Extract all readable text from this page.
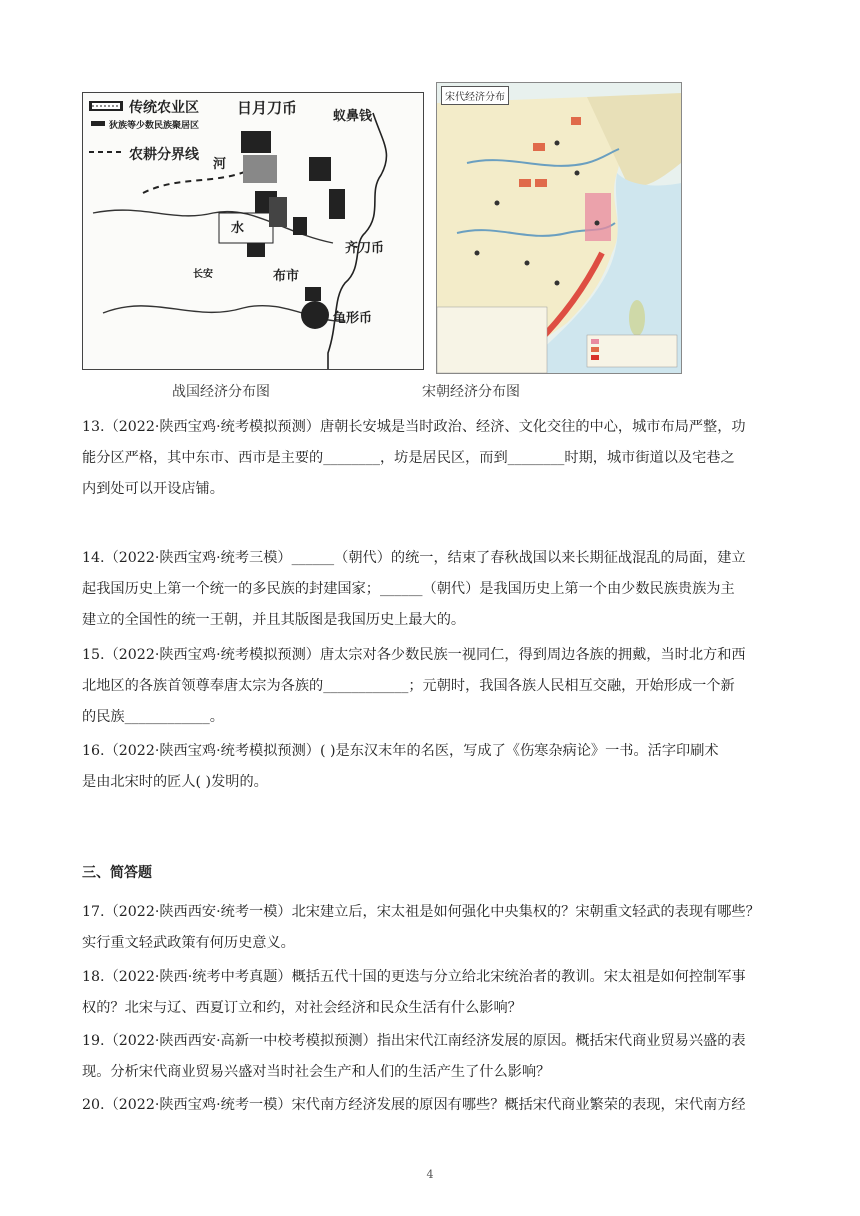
传统农业区
狄族等少数民族聚居区
农耕分界线
日月刀币	蚁鼻钱
河
齐刀币
长安	布市
水
龟形币
战国经济分布图
宋代经济分布
宋朝经济分布图

13.（2022·陕西宝鸡·统考模拟预测）唐朝长安城是当时政治、经济、文化交往的中心，城市布局严整，功

能分区严格，其中东市、西市是主要的________，坊是居民区，而到________时期，城市街道以及宅巷之

内到处可以开设店铺。

14.（2022·陕西宝鸡·统考三模）______（朝代）的统一，结束了春秋战国以来长期征战混乱的局面，建立

起我国历史上第一个统一的多民族的封建国家；______（朝代）是我国历史上第一个由少数民族贵族为主

建立的全国性的统一王朝，并且其版图是我国历史上最大的。

15.（2022·陕西宝鸡·统考模拟预测）唐太宗对各少数民族一视同仁，得到周边各族的拥戴，当时北方和西

北地区的各族首领尊奉唐太宗为各族的____________；元朝时，我国各族人民相互交融，开始形成一个新

的民族____________。

16.（2022·陕西宝鸡·统考模拟预测）( )是东汉末年的名医，写成了《伤寒杂病论》一书。活字印刷术

是由北宋时的匠人( )发明的。

三、简答题

17.（2022·陕西西安·统考一模）北宋建立后，宋太祖是如何强化中央集权的？宋朝重文轻武的表现有哪些？

实行重文轻武政策有何历史意义。

18.（2022·陕西·统考中考真题）概括五代十国的更迭与分立给北宋统治者的教训。宋太祖是如何控制军事

权的？北宋与辽、西夏订立和约，对社会经济和民众生活有什么影响？

19.（2022·陕西西安·高新一中校考模拟预测）指出宋代江南经济发展的原因。概括宋代商业贸易兴盛的表

现。分析宋代商业贸易兴盛对当时社会生产和人们的生活产生了什么影响？

20.（2022·陕西宝鸡·统考一模）宋代南方经济发展的原因有哪些？概括宋代商业繁荣的表现，宋代南方经

4
